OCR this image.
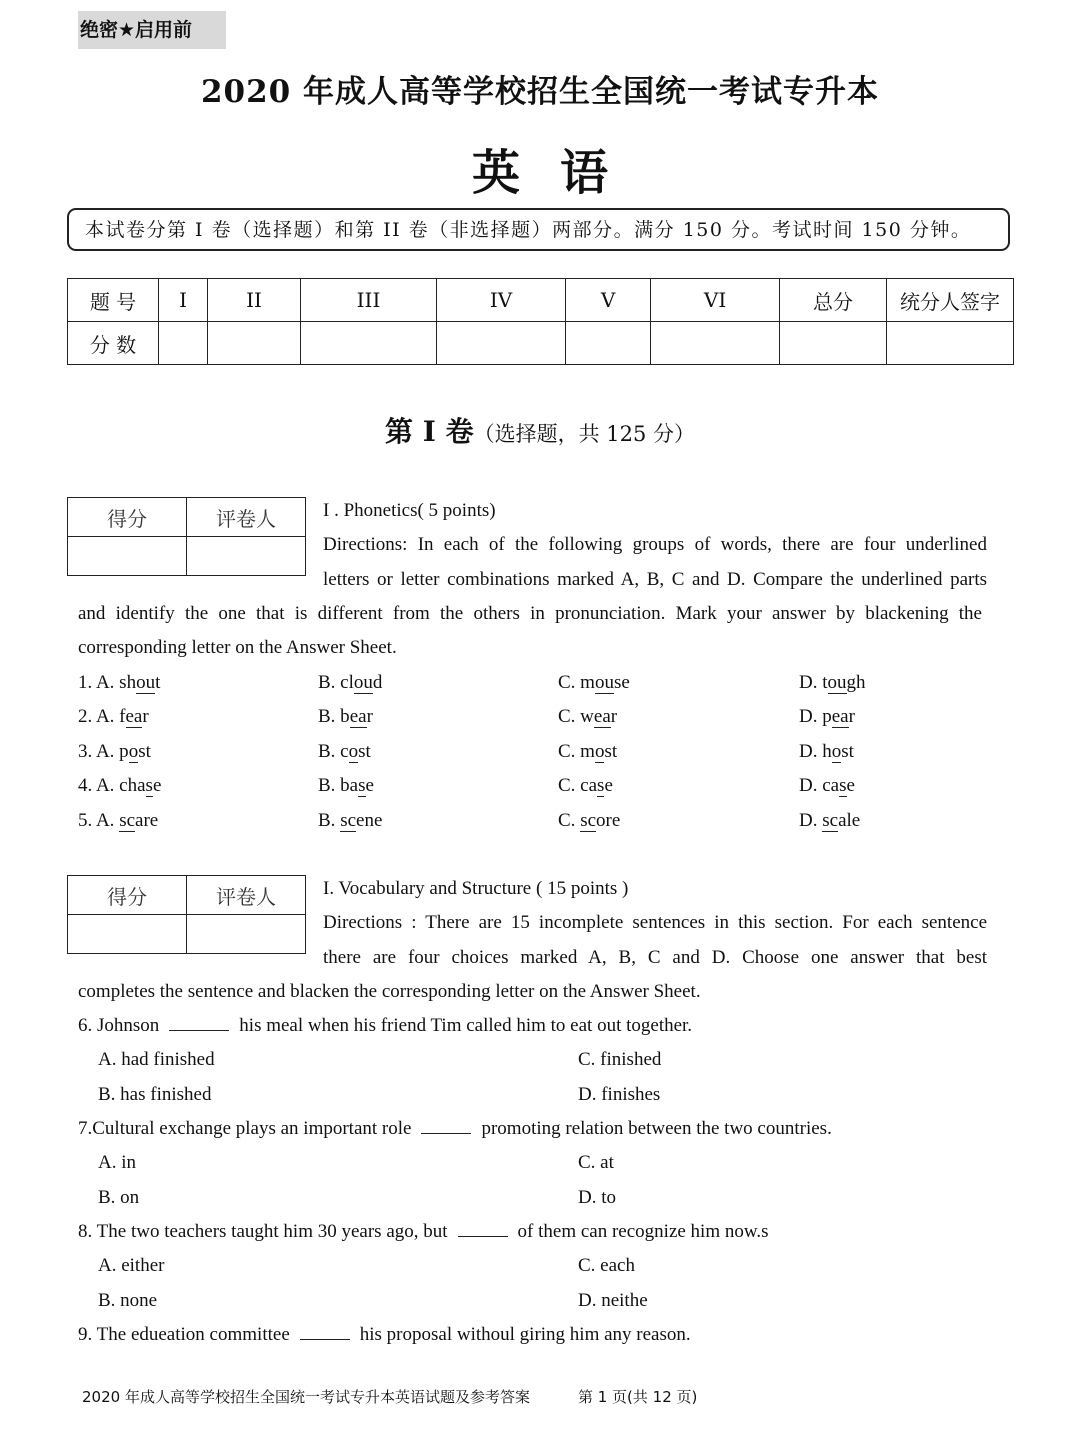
绝密★启用前
2020 年成人高等学校招生全国统一考试专升本
英语
本试卷分第 I 卷（选择题）和第 II 卷（非选择题）两部分。满分 150 分。考试时间 150 分钟。
题 号	I	II	III	IV	V	VI	总分	统分人签字
分 数								
第 I 卷（选择题，共 125 分）
得分	评卷人
	I . Phonetics( 5 points)
Directions: In each of the following groups of words, there are four underlined
letters or letter combinations marked A, B, C and D. Compare the underlined parts
and identify the one that is different from the others in pronunciation. Mark your answer by blackening the
corresponding letter on the Answer Sheet.
1. A. shout	B. cloud	C. mouse	D. tough
2. A. fear	B. bear	C. wear	D. pear
3. A. post	B. cost	C. most	D. host
4. A. chase	B. base	C. case	D. case
5. A. scare	B. scene	C. score	D. scale
得分	评卷人
	I. Vocabulary and Structure ( 15 points )
Directions : There are 15 incomplete sentences in this section. For each sentence
there are four choices marked A, B, C and D. Choose one answer that best
completes the sentence and blacken the corresponding letter on the Answer Sheet.
6. Johnson	his meal when his friend Tim called him to eat out together.
A. had finished	C. finished
B. has finished	D. finishes
7.Cultural exchange plays an important role	promoting relation between the two countries.
A. in	C. at
B. on	D. to
8. The two teachers taught him 30 years ago, but	of them can recognize him now.s
A. either	C. each
B. none	D. neithe
9. The edueation committee	his proposal withoul giring him any reason.
2020 年成人高等学校招生全国统一考试专升本英语试题及参考答案	第 1 页(共 12 页)
